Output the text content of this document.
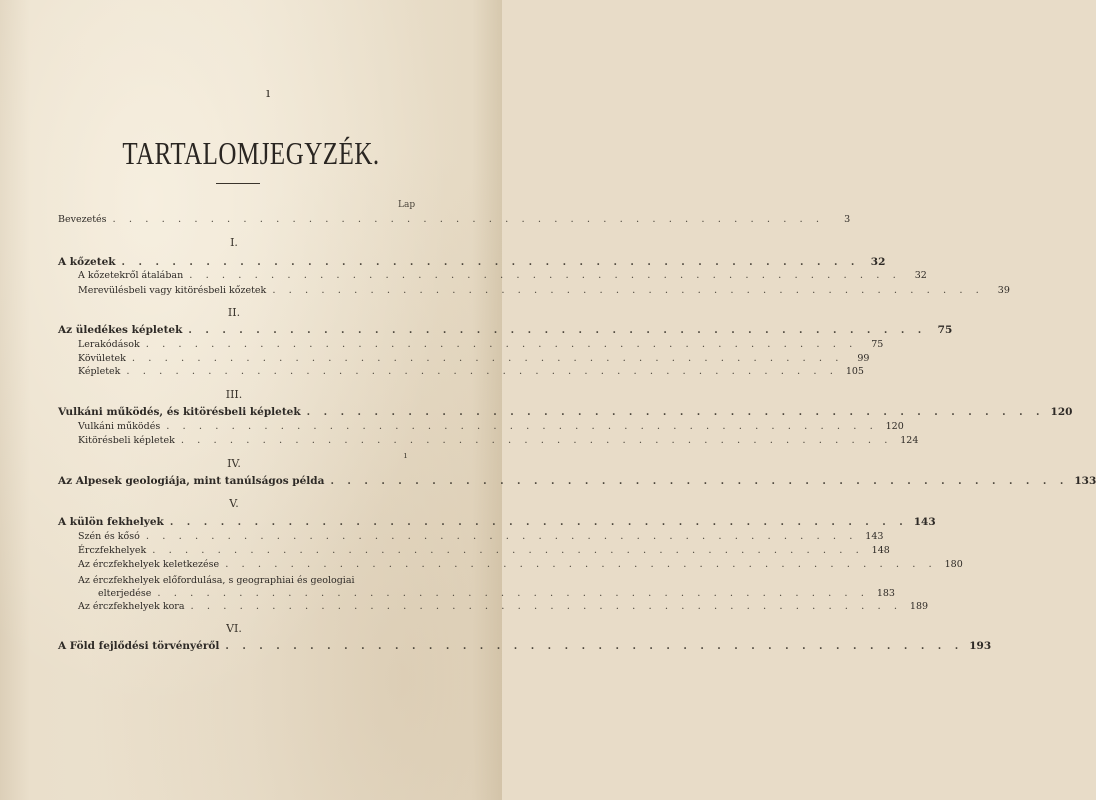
ı
TARTALOMJEGYZÉK.
Lap
Bevezetés . . . . . . . . . . . . . . . . . . . . . . . . . . . . . . . . . . . . . . . . . . . .	3
I.
A kőzetek . . . . . . . . . . . . . . . . . . . . . . . . . . . . . . . . . . . . . . . . . . . .	32
A kőzetekről átalában . . . . . . . . . . . . . . . . . . . . . . . . . . . . . . . . . . . . . . . . . . . .	32
Merevülésbeli vagy kitörésbeli kőzetek . . . . . . . . . . . . . . . . . . . . . . . . . . . . . . . . . . . . . . . . . . . .	39
II.
Az üledékes képletek . . . . . . . . . . . . . . . . . . . . . . . . . . . . . . . . . . . . . . . . . . . .	75
Lerakódások . . . . . . . . . . . . . . . . . . . . . . . . . . . . . . . . . . . . . . . . . . . .	75
Kövületek . . . . . . . . . . . . . . . . . . . . . . . . . . . . . . . . . . . . . . . . . . . .	99
Képletek . . . . . . . . . . . . . . . . . . . . . . . . . . . . . . . . . . . . . . . . . . . . 105
III.
Vulkáni működés, és kitörésbeli képletek . . . . . . . . . . . . . . . . . . . . . . . . . . . . . . . . . . . . . . . . . . . . 120
Vulkáni működés . . . . . . . . . . . . . . . . . . . . . . . . . . . . . . . . . . . . . . . . . . . . 120
Kitörésbeli képletek . . . . . . . . . . . . . . . . . . . . . . . . . . . . . . . . . . . . . . . . . . . . 124
ı
IV.
Az Alpesek geologiája, mint tanúlságos példa . . . . . . . . . . . . . . . . . . . . . . . . . . . . . . . . . . . . . . . . . . . . 133
V.
A külön fekhelyek . . . . . . . . . . . . . . . . . . . . . . . . . . . . . . . . . . . . . . . . . . . . 143
Szén és kősó . . . . . . . . . . . . . . . . . . . . . . . . . . . . . . . . . . . . . . . . . . . . 143
Érczfekhelyek . . . . . . . . . . . . . . . . . . . . . . . . . . . . . . . . . . . . . . . . . . . . 148
Az érczfekhelyek keletkezése . . . . . . . . . . . . . . . . . . . . . . . . . . . . . . . . . . . . . . . . . . . . 180
Az érczfekhelyek előfordulása, s geographiai és geologiai
elterjedése . . . . . . . . . . . . . . . . . . . . . . . . . . . . . . . . . . . . . . . . . . . . 183
Az érczfekhelyek kora . . . . . . . . . . . . . . . . . . . . . . . . . . . . . . . . . . . . . . . . . . . . 189
VI.
A Föld fejlődési törvényéről . . . . . . . . . . . . . . . . . . . . . . . . . . . . . . . . . . . . . . . . . . . . 193
